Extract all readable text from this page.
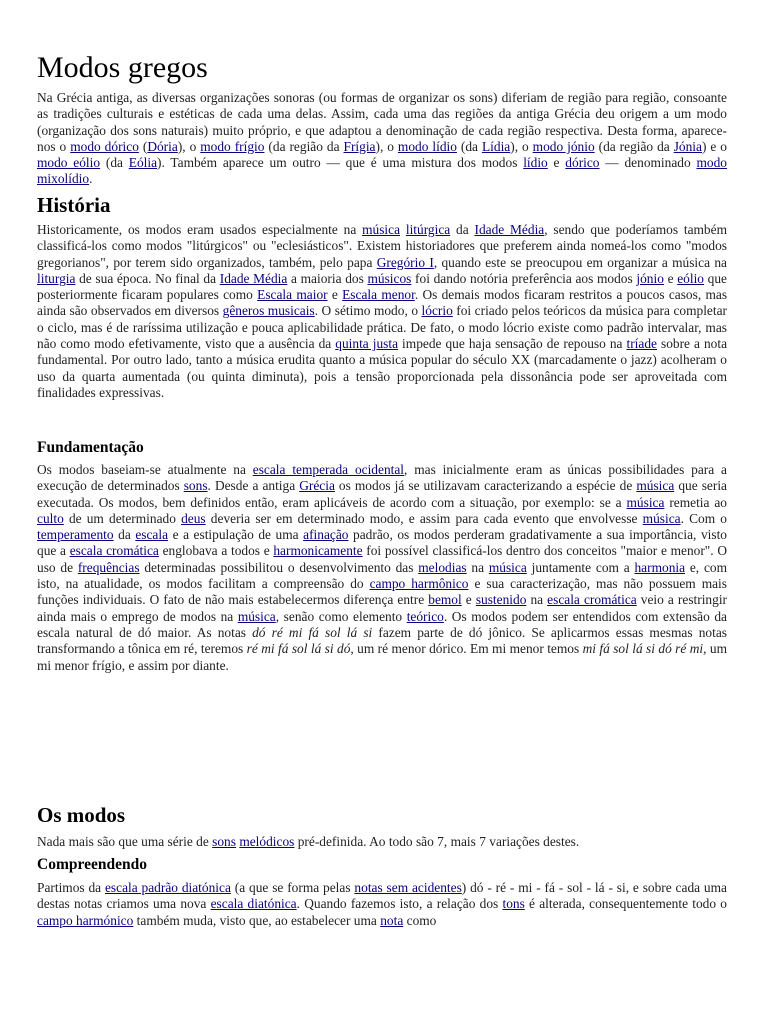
Modos gregos

Na Grécia antiga, as diversas organizações sonoras (ou formas de organizar os sons) diferiam de região para região, consoante as tradições culturais e estéticas de cada uma delas. Assim, cada uma das regiões da antiga Grécia deu origem a um modo (organização dos sons naturais) muito próprio, e que adaptou a denominação de cada região respectiva. Desta forma, aparece-nos o modo dórico (Dória), o modo frígio (da região da Frígia), o modo lídio (da Lídia), o modo jónio (da região da Jónia) e o modo eólio (da Eólia). Também aparece um outro — que é uma mistura dos modos lídio e dórico — denominado modo mixolídio.

História

Historicamente, os modos eram usados especialmente na música litúrgica da Idade Média, sendo que poderíamos também classificá-los como modos "litúrgicos" ou "eclesiásticos". Existem historiadores que preferem ainda nomeá-los como "modos gregorianos", por terem sido organizados, também, pelo papa Gregório I, quando este se preocupou em organizar a música na liturgia de sua época. No final da Idade Média a maioria dos músicos foi dando notória preferência aos modos jónio e eólio que posteriormente ficaram populares como Escala maior e Escala menor. Os demais modos ficaram restritos a poucos casos, mas ainda são observados em diversos gêneros musicais. O sétimo modo, o lócrio foi criado pelos teóricos da música para completar o ciclo, mas é de raríssima utilização e pouca aplicabilidade prática. De fato, o modo lócrio existe como padrão intervalar, mas não como modo efetivamente, visto que a ausência da quinta justa impede que haja sensação de repouso na tríade sobre a nota fundamental. Por outro lado, tanto a música erudita quanto a música popular do século XX (marcadamente o jazz) acolheram o uso da quarta aumentada (ou quinta diminuta), pois a tensão proporcionada pela dissonância pode ser aproveitada com finalidades expressivas.

Fundamentação

Os modos baseiam-se atualmente na escala temperada ocidental, mas inicialmente eram as únicas possibilidades para a execução de determinados sons. Desde a antiga Grécia os modos já se utilizavam caracterizando a espécie de música que seria executada. Os modos, bem definidos então, eram aplicáveis de acordo com a situação, por exemplo: se a música remetia ao culto de um determinado deus deveria ser em determinado modo, e assim para cada evento que envolvesse música. Com o temperamento da escala e a estipulação de uma afinação padrão, os modos perderam gradativamente a sua importância, visto que a escala cromática englobava a todos e harmonicamente foi possível classificá-los dentro dos conceitos "maior e menor". O uso de frequências determinadas possibilitou o desenvolvimento das melodias na música juntamente com a harmonia e, com isto, na atualidade, os modos facilitam a compreensão do campo harmônico e sua caracterização, mas não possuem mais funções individuais. O fato de não mais estabelecermos diferença entre bemol e sustenido na escala cromática veio a restringir ainda mais o emprego de modos na música, senão como elemento teórico. Os modos podem ser entendidos com extensão da escala natural de dó maior. As notas dó ré mi fá sol lá si fazem parte de dó jônico. Se aplicarmos essas mesmas notas transformando a tônica em ré, teremos ré mi fá sol lá si dó, um ré menor dórico. Em mi menor temos mi fá sol lá si dó ré mi, um mi menor frígio, e assim por diante.

Os modos

Nada mais são que uma série de sons melódicos pré-definida. Ao todo são 7, mais 7 variações destes.

Compreendendo

Partimos da escala padrão diatónica (a que se forma pelas notas sem acidentes) dó - ré - mi - fá - sol - lá - si, e sobre cada uma destas notas criamos uma nova escala diatónica. Quando fazemos isto, a relação dos tons é alterada, consequentemente todo o campo harmónico também muda, visto que, ao estabelecer uma nota como
